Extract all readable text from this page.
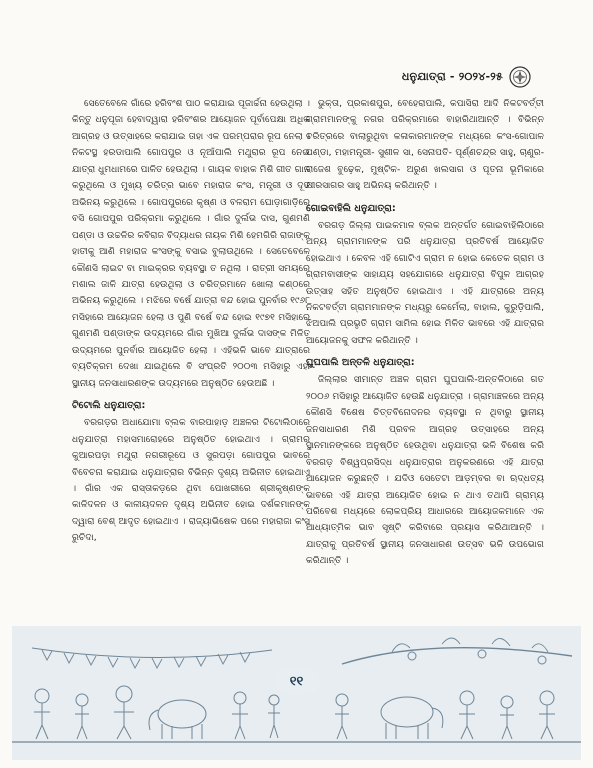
ଧନୁଯାତ୍ରା - ୨୦୨୪-୨୫

ସେତେବେଳେ ଗାଁରେ ହରିବଂଶ ପାଠ କରାଯାଇ ପୂଜାର୍ଚ୍ଚନା ହେଉଥିଲା । କିନ୍ତୁ ଧନୁପୂଜା ହେବାଦ୍ୱାରା ହରିବଂଶର ଆୟୋଜନ ପୂର୍ବାପେକ୍ଷା ଅଧିକ ଆଗ୍ରହ ଓ ଉତ୍ସାହରେ କରାଯାଇ ତାହା ଏକ ପରମ୍ପରାର ରୂପ ନେଲା । ନିକଟସ୍ଥ ହରଡାପାଲି ଗୋପପୁର ଓ ନୂଆଁପାଲି ମଥୁରାର ରୂପ ନେଇ ଯାତ୍ରା ଧୁମଧାମରେ ପାଳିତ ହେଉଥିଲା । ଗାୟକ ବାହାକ ମିଶି ଗୀତ ଗାନ କରୁଥିଲେ ଓ ମୁଖ୍ୟ ଚରିତ୍ର ଭାବେ ମହାରାଜ କଂସ, ମନ୍ତ୍ରୀ ଓ ଦୂତ ଅଭିନୟ କରୁଥିଲେ । ଗୋପପୁରରେ କୃଷ୍ଣ ଓ ବଳରାମ ଘୋଡ଼ାଗାଡ଼ିରେ ବସି ଗୋପପୁର ପରିକ୍ରମା କରୁଥିଲେ । ଗାଁର ଦୁର୍ଲଭ ଦାସ, ଗୁଣମଣି ପଣ୍ଡା ଓ ଉଚ୍ଚଳିର କବିରାଜ ବିଦ୍ୟାଧର ନାୟକ ମିଶି ହେମଗିରି ରାଜାଙ୍କ ହାତୀକୁ ଆଣି ମହାରାଜ କଂସଙ୍କୁ ବସାଇ ବୁଲାଉଥିଲେ । ସେତେବେଳେ କୌଣସି ଲାଇଟ ବା ମାଇକ୍ରର ବ୍ୟବସ୍ଥା ତ ନଥିଲା । ରାତ୍ରୀ ସମୟରେ ମଶାଲ ଜାଳି ଯାତ୍ରା ହେଉଥିଲା ଓ ଚରିତ୍ରମାନେ ଖୋଲା କଣ୍ଠରେ ଅଭିନୟ କରୁଥିଲେ । ମଝିରେ ବର୍ଷେ ଯାତ୍ରା ବନ୍ଦ ହୋଇ ପୁନର୍ବାର ୧୯୬୮ ମସିହାରେ ଆୟୋଜନ ହେଲା ଓ ପୁଣି ବର୍ଷେ ବନ୍ଦ ହୋଇ ୧୯୭୧ ମସିହାରେ ଗୁଣମଣି ପଣ୍ଡାଙ୍କ ଉଦ୍ୟମରେ ଗାଁର ମୁଖିଆ ଦୁର୍ଲଭ ଦାସଙ୍କ ମିଳିତ ଉଦ୍ୟମରେ ପୁନର୍ବାର ଆୟୋଜିତ ହେଲା । ଏହିଭଳି ଭାବେ ଯାତ୍ରାରେ ବ୍ୟତିକ୍ରମ ଦେଖା ଯାଇଥିଲେ ବି ସଂପ୍ରତି ୨୦୦୩ ମସିହାରୁ ଏହା ସ୍ଥାନୀୟ ଜନସାଧାରଣଙ୍କ ଉଦ୍ୟମରେ ଅନୁଷ୍ଠିତ ହେଉଅଛି ।

ଟିଟୋଲି ଧନୁଯାତ୍ରା:

ବରଗଡ଼ର ଅଧାଯୋମା ବ୍ଲକ ବାରପାହାଡ଼ ଅଞ୍ଚଳର ଟିଟୋଲିଠାରେ ଧନୁଯାତ୍ରା ମହାସମାରୋହରେ ଅନୁଷ୍ଠିତ ହୋଇଥାଏ । ଗ୍ରାମର କୁଆରପଡ଼ା ମଥୁରା ନଗରୀରୂପେ ଓ ସୁରପଡ଼ା ଗୋପପୁର ଭାବରେ ବିବେଚନା କରାଯାଇ ଧନୁଯାତ୍ରାର ବିଭିନ୍ନ ଦୃଶ୍ୟ ଅଭିନୀତ ହୋଇଥାଏ । ଗାଁର ଏକ ରାସ୍ତାକଡ଼ରେ ଥିବା ପୋଖରୀରେ ଶ୍ରୀକୃଷ୍ଣଙ୍କ କାଳିଦଳନ ଓ କାଳୀୟଦଳନ ଦୃଶ୍ୟ ଅଭିନୀତ ହୋଇ ଦର୍ଶକମାନଙ୍କ ଦ୍ୱାରା ବେଶ୍ ଆଦୃତ ହୋଇଥାଏ । ରାଜ୍ୟାଭିଷେକ ପରେ ମହାରାଜା କଂସ ରୁଚିଦା,

ଭୁକ୍ତା, ପ୍ରକାଶପୁର, ବେହେରାପାଲି, କପାସିରା ଆଦି ନିକଟବର୍ତ୍ତୀ ଗ୍ରାମମାନଙ୍କୁ ନଗର ପରିକ୍ରମାରେ ବାହାରିଥାଆନ୍ତି । ବିଭିନ୍ନ ଚରିତ୍ରରେ ବାଲାରୁଥିବା କଳାକାରମାନଙ୍କ ମଧ୍ୟରେ କଂସ-ଗୋପାଳ ପଣ୍ଡା, ମହାମନ୍ତ୍ରୀ- ସୁଶୀଳ ସା, ସେନାପତି- ପୂର୍ଣ୍ଣଚନ୍ଦ୍ର ସାହୁ, ଚାଣୁର- ରାଜେଶ ବୁଢ଼େକ, ମୁଷ୍ଟିକ- ଅରୁଣ ଖଲସାଗ ଓ ପୂତନା ଭୂମିକାରେ କ୍ଷୀରସାଗର ସାହୁ ଅଭିନୟ କରିଥାନ୍ତି ।

ଗୋଇବାହିଲି ଧନୁଯାତ୍ରା:

ବରଗଡ଼ ଜିଲ୍ଲା ପାଇକମାଳ ବ୍ଲକ ଅନ୍ତର୍ଗତ ଗୋଇବାହିଲିଠାରେ ଅନ୍ୟ ଗ୍ରାମମାନଙ୍କ ପରି ଧନୁଯାତ୍ରା ପ୍ରତିବର୍ଷ ଆୟୋଜିତ ହୋଇଥାଏ । କେବଳ ଏହି ଗୋଟିଏ ଗ୍ରାମ ନ ହୋଇ କେତେକ ଗ୍ରାମ ଓ ଗ୍ରାମବାସୀଙ୍କ ସାହାଯ୍ୟ ସହଯୋଗରେ ଧନୁଯାତ୍ରା ବିପୁଳ ଆଗ୍ରହ ଉତ୍ସାହ ସହିତ ଅନୁଷ୍ଠିତ ହୋଇଥାଏ । ଏହି ଯାତ୍ରାରେ ଅନ୍ୟ ନିକଟବର୍ତ୍ତୀ ଗ୍ରାମମାନଙ୍କ ମଧ୍ୟରୁ କେର୍ମେଲା, ବାହାଲ, କୁରୁଡ଼ିପାଲି, ଝିଅପାଲି ପ୍ରଭୃତି ଗ୍ରାମ ସାମିଲ ହୋଇ ମିଳିତ ଭାବରେ ଏହି ଯାତ୍ରାର ଆୟୋଜନକୁ ସଫଳ କରିଥାନ୍ତି ।

ଘୁଘପାଲି ଅନ୍ତଳି ଧନୁଯାତ୍ରା:

ଜିଲ୍ଲାର ସୀମାନ୍ତ ଅଞ୍ଚଳ ଗ୍ରାମ ଘୁଘପାଲି-ଅନ୍ତଳିଠାରେ ଗତ ୨୦୦୬ ମସିହାରୁ ଆୟୋଜିତ ହେଉଛି ଧନୁଯାତ୍ରା । ଗ୍ରାମାଞ୍ଚଳରେ ଅନ୍ୟ କୌଣସି ବିଶେଷ ଚିତ୍ତବିନୋଦନର ବ୍ୟବସ୍ଥା ନ ଥିବାରୁ ସ୍ଥାନୀୟ ଜନସାଧାରଣ ମିଶି ପ୍ରବଳ ଆଗ୍ରହ ଉତ୍ସାହରେ ଅନ୍ୟ ସ୍ଥାନମାନଙ୍କରେ ଅନୁଷ୍ଠିତ ହେଉଥିବା ଧନୁଯାତ୍ରା ଭଳି ବିଶେଷ କରି ବରଗଡ଼ ବିଶ୍ୱପ୍ରସିଦ୍ଧ ଧନୁଯାତ୍ରାର ଅନୁକରଣରେ ଏହି ଯାତ୍ରା ଆୟୋଜନ କରୁଛନ୍ତି । ଯଦିଓ ସେତେଟା ଆଡ଼ମ୍ବର ବା ଋଦ୍ଧତ୍ୟ ଭାବରେ ଏହି ଯାତ୍ରା ଆୟୋଜିତ ହୋଇ ନ ଥାଏ ତଥାପି ଗ୍ରାମ୍ୟ ପରିବେଶ ମଧ୍ୟରେ ଲୋକପ୍ରିୟ ଆଧାରରେ ଆୟୋଜକମାନେ ଏକ ଆଧ୍ୟାତ୍ମିକ ଭାବ ସୃଷ୍ଟି କରିବାରେ ପ୍ରୟାସ କରିଥାଆନ୍ତି । ଯାତ୍ରାକୁ ପ୍ରତିବର୍ଷ ସ୍ଥାନୀୟ ଜନସାଧାରଣ ଉତ୍ସବ ଭଳି ଉପଭୋଗ କରିଥାନ୍ତି ।

୧୧
